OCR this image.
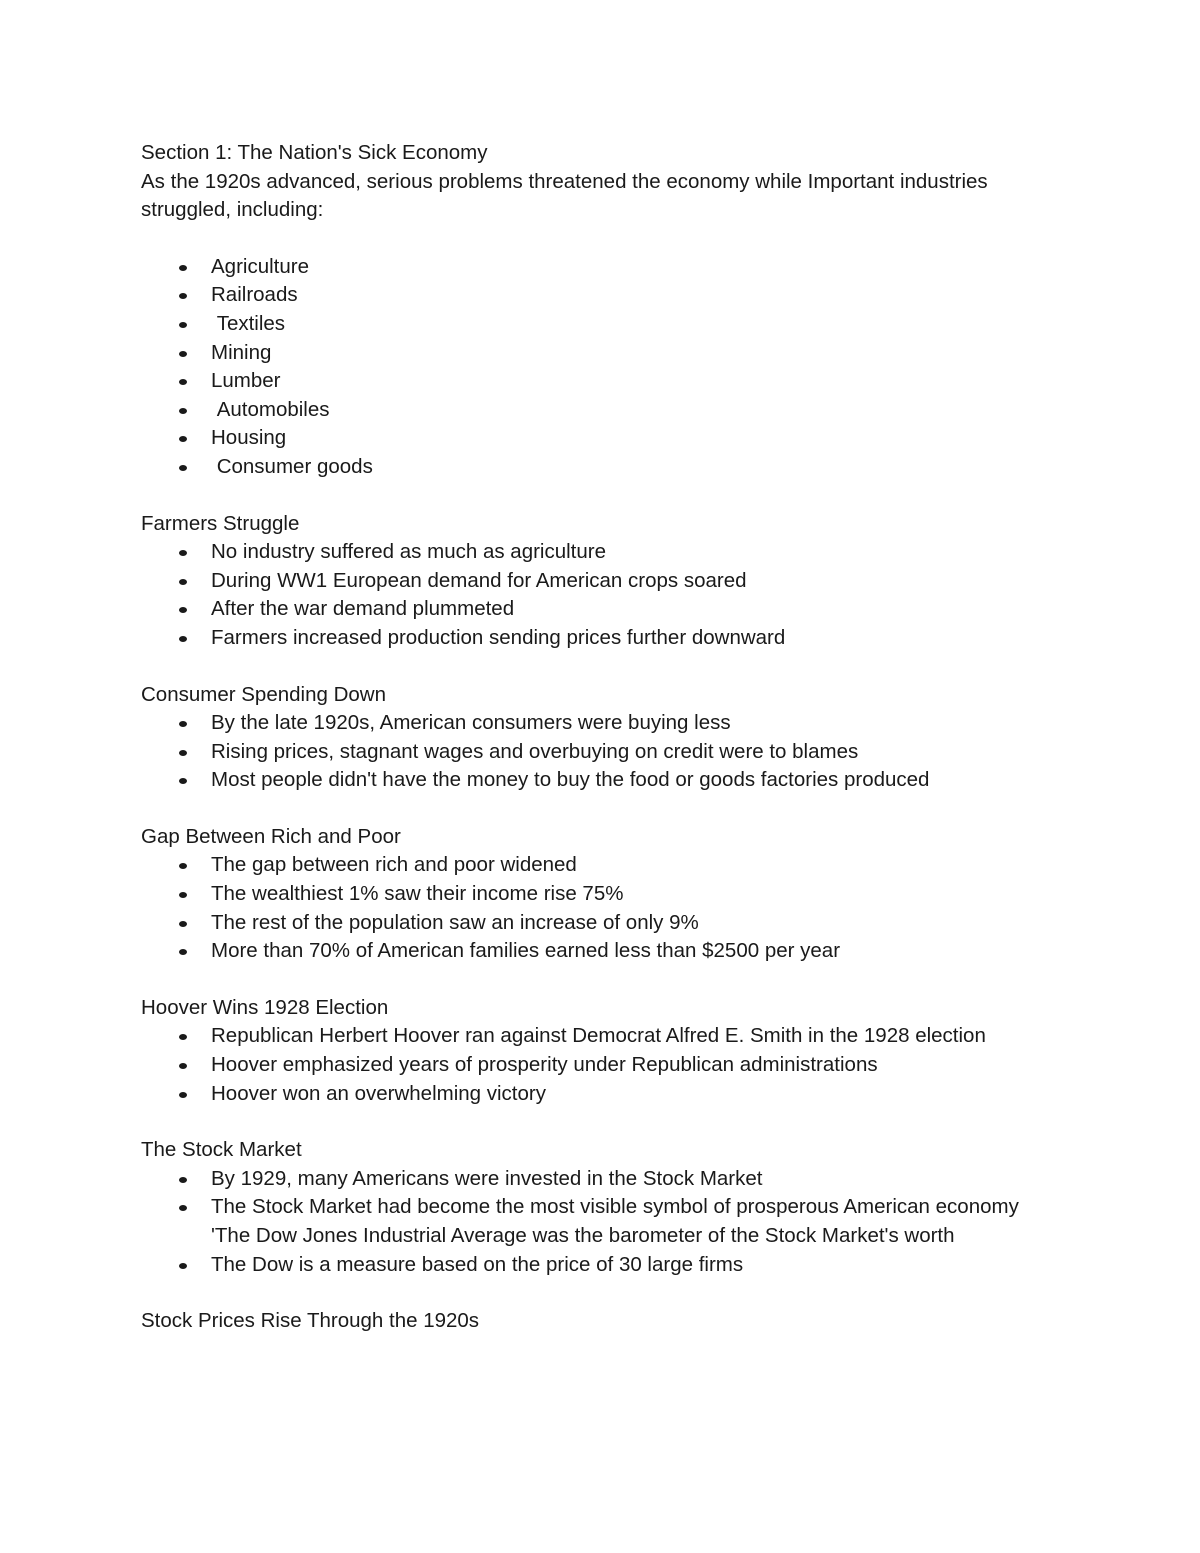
Section 1: The Nation's Sick Economy

As the 1920s advanced, serious problems threatened the economy while Important industries struggled, including:

Agriculture
Railroads
Textiles
Mining
Lumber
Automobiles
Housing
Consumer goods

Farmers Struggle

No industry suffered as much as agriculture
During WW1 European demand for American crops soared
After the war demand plummeted
Farmers increased production sending prices further downward

Consumer Spending Down

By the late 1920s, American consumers were buying less
Rising prices, stagnant wages and overbuying on credit were to blames
Most people didn't have the money to buy the food or goods factories produced

Gap Between Rich and Poor

The gap between rich and poor widened
The wealthiest 1% saw their income rise 75%
The rest of the population saw an increase of only 9%
More than 70% of American families earned less than $2500 per year

Hoover Wins 1928 Election

Republican Herbert Hoover ran against Democrat Alfred E. Smith in the 1928 election
Hoover emphasized years of prosperity under Republican administrations
Hoover won an overwhelming victory

The Stock Market

By 1929, many Americans were invested in the Stock Market
The Stock Market had become the most visible symbol of prosperous American economy 'The Dow Jones Industrial Average was the barometer of the Stock Market's worth
The Dow is a measure based on the price of 30 large firms

Stock Prices Rise Through the 1920s
